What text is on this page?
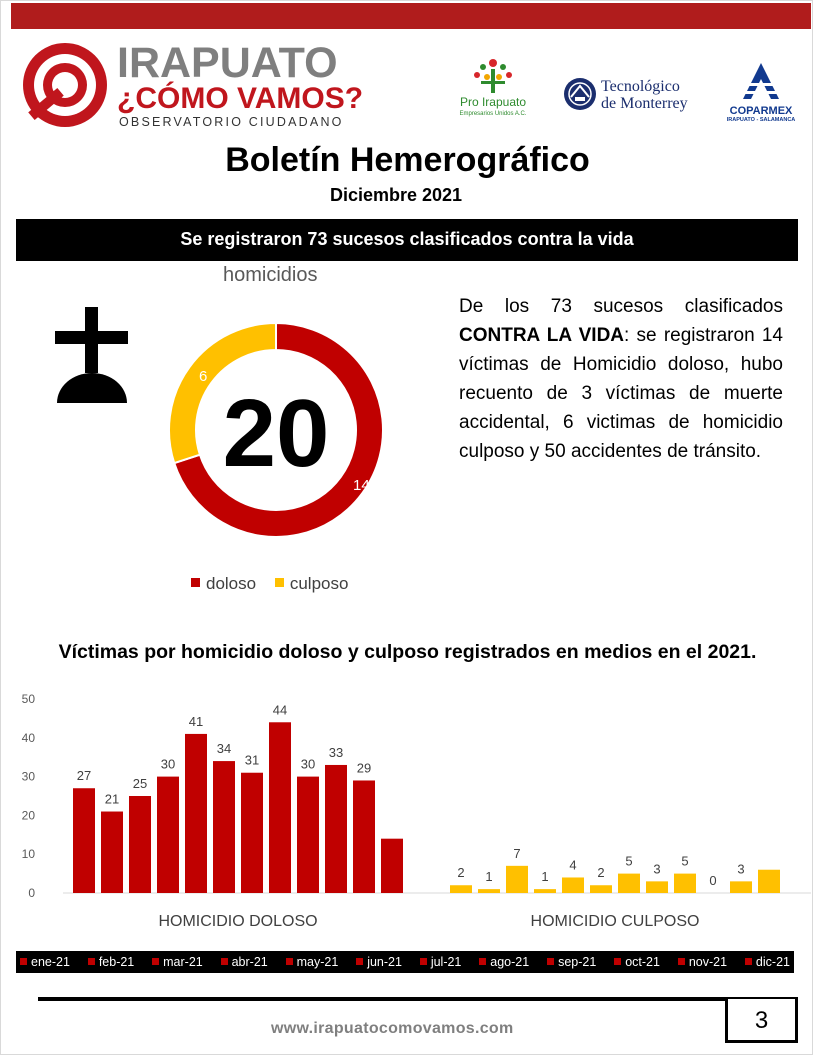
IRAPUATO
¿CÓMO VAMOS?
OBSERVATORIO CIUDADANO
Pro Irapuato
Empresarios Unidos A.C.
Tecnológico
de Monterrey	COPARMEX
IRAPUATO - SALAMANCA
Boletín Hemerográfico
Diciembre 2021
Se registraron 73 sucesos clasificados contra la vida
homicidios
14
6
20
doloso culposo
De los 73 sucesos clasificados CONTRA LA VIDA: se registraron 14 víctimas de Homicidio doloso, hubo recuento de 3 víctimas de muerte accidental, 6 victimas de homicidio culposo y 50 accidentes de tránsito.
Víctimas por homicidio doloso y culposo registrados en medios en el 2021.
0
10
20
30
40
50
27
21
25
30
41
34
31
44
30
33
29
HOMICIDIO DOLOSO
2 1
7
1
4
2
5
3
5
0
3
HOMICIDIO CULPOSO
ene-21	feb-21	mar-21	abr-21	may-21	jun-21	jul-21	ago-21	sep-21	oct-21	nov-21	dic-21
www.irapuatocomovamos.com	3
